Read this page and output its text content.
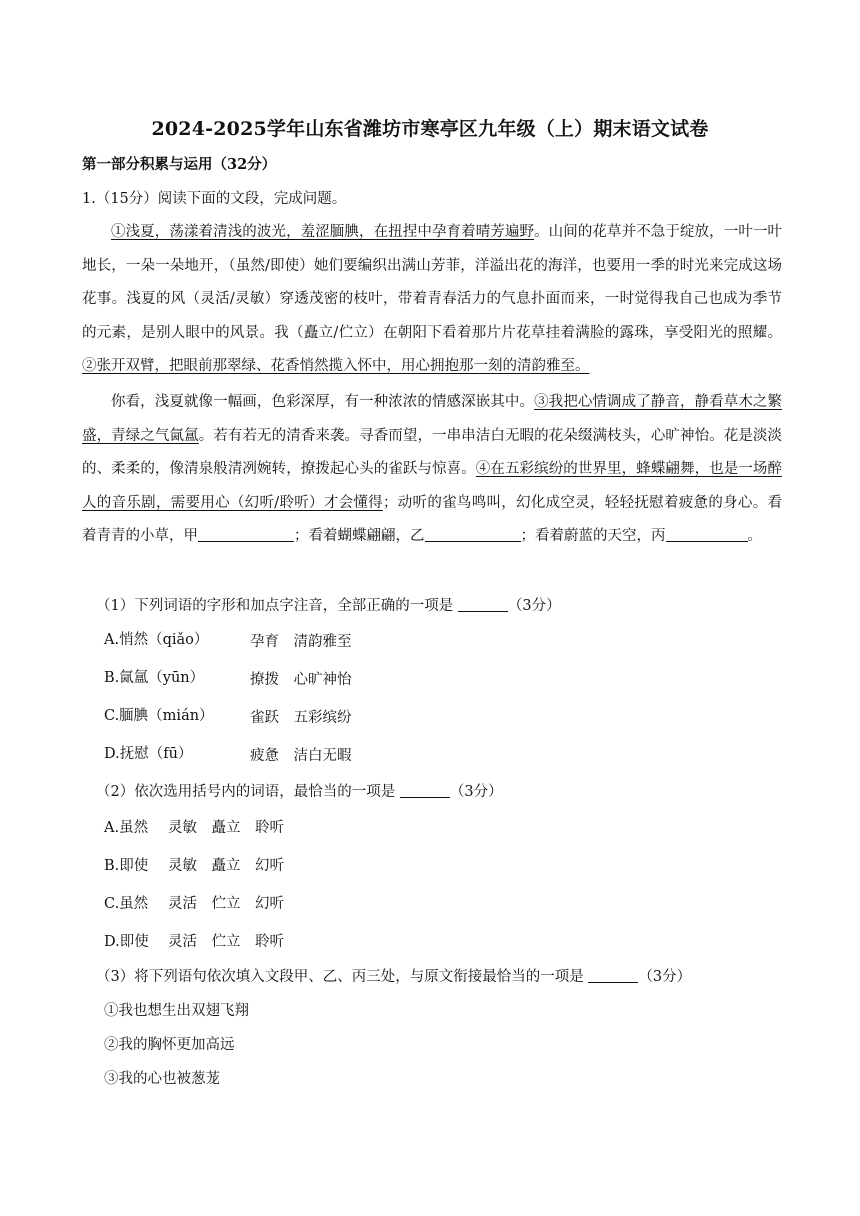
2024-2025学年山东省潍坊市寒亭区九年级（上）期末语文试卷
第一部分积累与运用（32分）
1.（15分）阅读下面的文段，完成问题。
①浅夏，荡漾着清浅的波光，羞涩腼腆，在扭捏中孕育着晴芳遍野。山间的花草并不急于绽放，一叶一叶地长，一朵一朵地开，（虽然/即使）她们要编织出满山芳菲，洋溢出花的海洋，也要用一季的时光来完成这场花事。浅夏的风（灵活/灵敏）穿透茂密的枝叶，带着青春活力的气息扑面而来，一时觉得我自己也成为季节的元素，是别人眼中的风景。我（矗立/伫立）在朝阳下看着那片片花草挂着满脸的露珠，享受阳光的照耀。②张开双臂，把眼前那翠绿、花香悄然揽入怀中，用心拥抱那一刻的清韵雅至。
你看，浅夏就像一幅画，色彩深厚，有一种浓浓的情感深嵌其中。③我把心情调成了静音，静看草木之繁盛，青绿之气氤氲。若有若无的清香来袭。寻香而望，一串串洁白无暇的花朵缀满枝头，心旷神怡。花是淡淡的、柔柔的，像清泉般清冽婉转，撩拨起心头的雀跃与惊喜。④在五彩缤纷的世界里，蜂蝶翩舞，也是一场醉人的音乐剧，需要用心（幻听/聆听）才会懂得；动听的雀鸟鸣叫，幻化成空灵，轻轻抚慰着疲惫的身心。看着青青的小草，甲	；看着蝴蝶翩翩，乙	；看着蔚蓝的天空，丙	。
（1）下列词语的字形和加点字注音，全部正确的一项是	（3分）
A.悄然（qiǎo）	孕育　清韵雅至
B.氤氲（yūn）	撩拨　心旷神怡
C.腼腆（mián）	雀跃　五彩缤纷
D.抚慰（fū）	疲惫　洁白无暇
（2）依次选用括号内的词语，最恰当的一项是	（3分）
A.虽然 灵敏　矗立　聆听
B.即使 灵敏　矗立　幻听
C.虽然 灵活　伫立　幻听
D.即使 灵活　伫立　聆听
（3）将下列语句依次填入文段甲、乙、丙三处，与原文衔接最恰当的一项是	（3分）
①我也想生出双翅飞翔
②我的胸怀更加高远
③我的心也被葱茏
